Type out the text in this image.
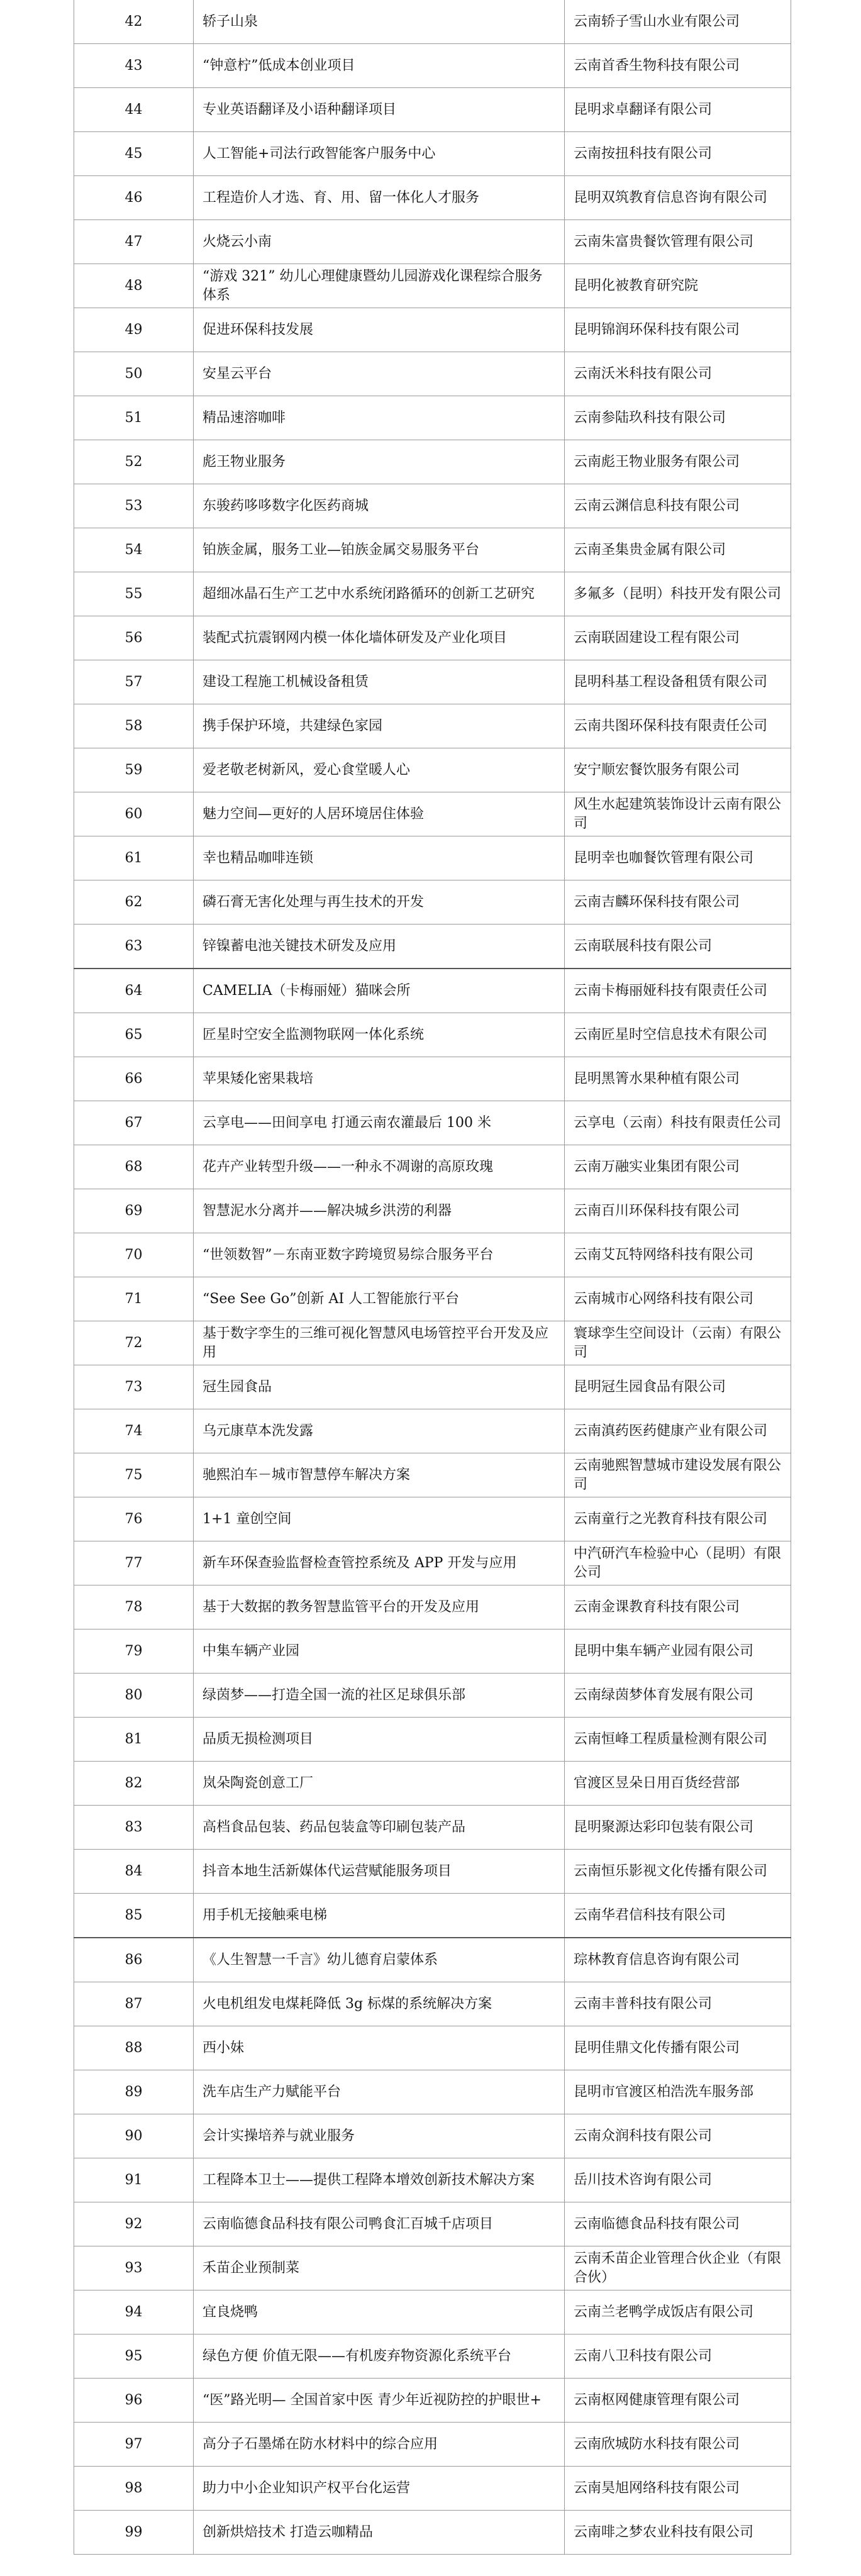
42	轿子山泉	云南轿子雪山水业有限公司
43	“钟意柠”低成本创业项目	云南首香生物科技有限公司
44	专业英语翻译及小语种翻译项目	昆明求卓翻译有限公司
45	人工智能+司法行政智能客户服务中心	云南按扭科技有限公司
46	工程造价人才选、育、用、留一体化人才服务	昆明双筑教育信息咨询有限公司
47	火烧云小南	云南朱富贵餐饮管理有限公司
48	“游戏 321” 幼儿心理健康暨幼儿园游戏化课程综合服务体系	昆明化被教育研究院
49	促进环保科技发展	昆明锦润环保科技有限公司
50	安星云平台	云南沃米科技有限公司
51	精品速溶咖啡	云南参陆玖科技有限公司
52	彪王物业服务	云南彪王物业服务有限公司
53	东骏药哆哆数字化医药商城	云南云渊信息科技有限公司
54	铂族金属，服务工业—铂族金属交易服务平台	云南圣集贵金属有限公司
55	超细冰晶石生产工艺中水系统闭路循环的创新工艺研究	多氟多（昆明）科技开发有限公司
56	装配式抗震钢网内模一体化墙体研发及产业化项目	云南联固建设工程有限公司
57	建设工程施工机械设备租赁	昆明科基工程设备租赁有限公司
58	携手保护环境，共建绿色家园	云南共图环保科技有限责任公司
59	爱老敬老树新风，爱心食堂暖人心	安宁顺宏餐饮服务有限公司
60	魅力空间—更好的人居环境居住体验	风生水起建筑装饰设计云南有限公司
61	幸也精品咖啡连锁	昆明幸也咖餐饮管理有限公司
62	磷石膏无害化处理与再生技术的开发	云南吉麟环保科技有限公司
63	锌镍蓄电池关键技术研发及应用	云南联展科技有限公司
64	CAMELIA（卡梅丽娅）猫咪会所	云南卡梅丽娅科技有限责任公司
65	匠星时空安全监测物联网一体化系统	云南匠星时空信息技术有限公司
66	苹果矮化密果栽培	昆明黑箐水果种植有限公司
67	云享电——田间享电 打通云南农灌最后 100 米	云享电（云南）科技有限责任公司
68	花卉产业转型升级——一种永不凋谢的高原玫瑰	云南万融实业集团有限公司
69	智慧泥水分离并——解决城乡洪涝的利器	云南百川环保科技有限公司
70	“世领数智”－东南亚数字跨境贸易综合服务平台	云南艾瓦特网络科技有限公司
71	“See See Go”创新 AI 人工智能旅行平台	云南城市心网络科技有限公司
72	基于数字孪生的三维可视化智慧风电场管控平台开发及应用	寰球孪生空间设计（云南）有限公司
73	冠生园食品	昆明冠生园食品有限公司
74	乌元康草本洗发露	云南滇药医药健康产业有限公司
75	驰熙泊车－城市智慧停车解决方案	云南驰熙智慧城市建设发展有限公司
76	1+1 童创空间	云南童行之光教育科技有限公司
77	新车环保查验监督检查管控系统及 APP 开发与应用	中汽研汽车检验中心（昆明）有限公司
78	基于大数据的教务智慧监管平台的开发及应用	云南金课教育科技有限公司
79	中集车辆产业园	昆明中集车辆产业园有限公司
80	绿茵梦——打造全国一流的社区足球俱乐部	云南绿茵梦体育发展有限公司
81	品质无损检测项目	云南恒峰工程质量检测有限公司
82	岚朵陶瓷创意工厂	官渡区昱朵日用百货经营部
83	高档食品包装、药品包装盒等印刷包装产品	昆明聚源达彩印包装有限公司
84	抖音本地生活新媒体代运营赋能服务项目	云南恒乐影视文化传播有限公司
85	用手机无接触乘电梯	云南华君信科技有限公司
86	《人生智慧一千言》幼儿德育启蒙体系	琮林教育信息咨询有限公司
87	火电机组发电煤耗降低 3g 标煤的系统解决方案	云南丰普科技有限公司
88	西小妹	昆明佳鼎文化传播有限公司
89	洗车店生产力赋能平台	昆明市官渡区柏浩洗车服务部
90	会计实操培养与就业服务	云南众润科技有限公司
91	工程降本卫士——提供工程降本增效创新技术解决方案	岳川技术咨询有限公司
92	云南临德食品科技有限公司鸭食汇百城千店项目	云南临德食品科技有限公司
93	禾苗企业预制菜	云南禾苗企业管理合伙企业（有限合伙）
94	宜良烧鸭	云南兰老鸭学成饭店有限公司
95	绿色方便 价值无限——有机废弃物资源化系统平台	云南八卫科技有限公司
96	“医”路光明— 全国首家中医 青少年近视防控的护眼世+	云南枢网健康管理有限公司
97	高分子石墨烯在防水材料中的综合应用	云南欣城防水科技有限公司
98	助力中小企业知识产权平台化运营	云南昊旭网络科技有限公司
99	创新烘焙技术 打造云咖精品	云南啡之梦农业科技有限公司
